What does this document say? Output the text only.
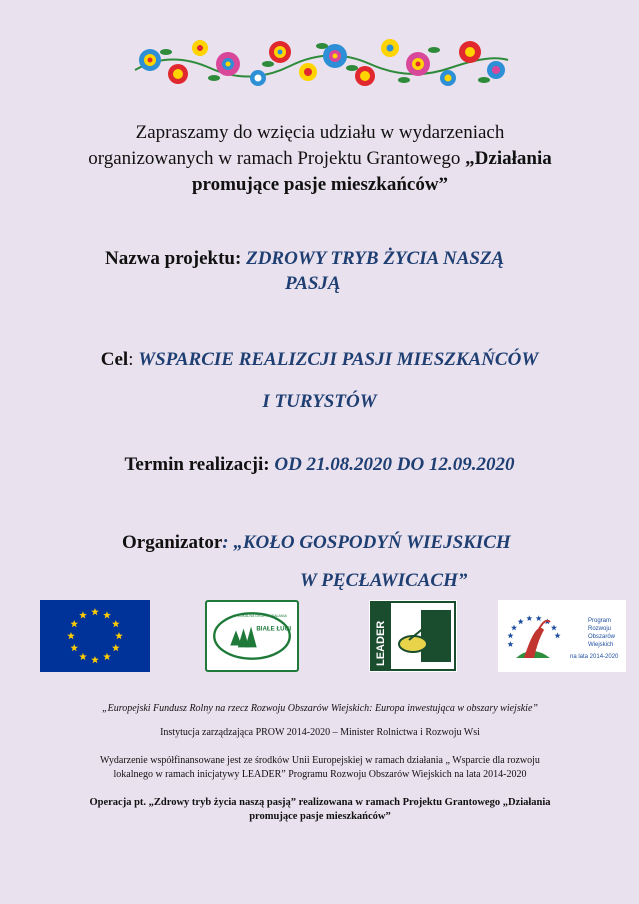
Zapraszamy do wzięcia udziału w wydarzeniach
organizowanych w ramach Projektu Grantowego „Działania
promujące pasje mieszkańców”
Nazwa projektu: ZDROWY TRYB ŻYCIA NASZĄ
PASJĄ
Cel: WSPARCIE REALIZCJI PASJI MIESZKAŃCÓW
I TURYSTÓW
Termin realizacji: OD 21.08.2020 DO 12.09.2020
Organizator: „KOŁO GOSPODYŃ WIEJSKICH
W PĘCŁAWICACH”
BIAŁE ŁUGI
LOKALNA GRUPA DZIAŁANIA
LEADER	Program Rozwoju Obszarów Wiejskich na lata 2014-2020
„Europejski Fundusz Rolny na rzecz Rozwoju Obszarów Wiejskich: Europa inwestująca w obszary wiejskie”
Instytucja zarządzająca PROW 2014-2020 – Minister Rolnictwa i Rozwoju Wsi
Wydarzenie współfinansowane jest ze środków Unii Europejskiej w ramach działania „ Wsparcie dla rozwoju
lokalnego w ramach inicjatywy LEADER” Programu Rozwoju Obszarów Wiejskich na lata 2014-2020
Operacja pt. „Zdrowy tryb życia naszą pasją” realizowana w ramach Projektu Grantowego „Działania
promujące pasje mieszkańców”
